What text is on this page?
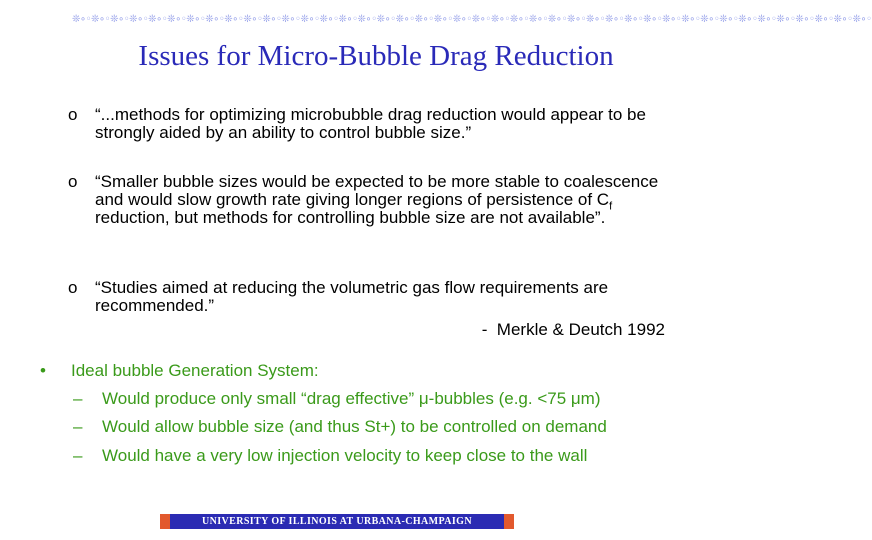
❊∘◦❊∘◦❊∘◦❊∘◦❊∘◦❊∘◦❊∘◦❊∘◦❊∘◦❊∘◦❊∘◦❊∘◦❊∘◦❊∘◦❊∘◦❊∘◦❊∘◦❊∘◦❊∘◦❊∘◦❊∘◦❊∘◦❊∘◦❊∘◦❊∘◦❊∘◦❊∘◦❊∘◦❊∘◦❊∘◦❊∘◦❊∘◦❊∘◦❊∘◦❊∘◦❊∘◦❊∘◦❊∘◦❊∘◦❊∘◦❊∘◦❊∘◦
Issues for Micro-Bubble Drag Reduction
o “...methods for optimizing microbubble drag reduction would appear to be strongly aided by an ability to control bubble size.”
o “Smaller bubble sizes would be expected to be more stable to coalescence and would slow growth rate giving longer regions of persistence of $C_f$ reduction, but methods for controlling bubble size are not available”.
o “Studies aimed at reducing the volumetric gas flow requirements are recommended.”
-  Merkle & Deutch 1992
•	Ideal bubble Generation System:
– Would produce only small “drag effective” μ-bubbles (e.g. <75 μm)
– Would allow bubble size (and thus St+) to be controlled on demand
– Would have a very low injection velocity to keep close to the wall
UNIVERSITY OF ILLINOIS AT URBANA-CHAMPAIGN
